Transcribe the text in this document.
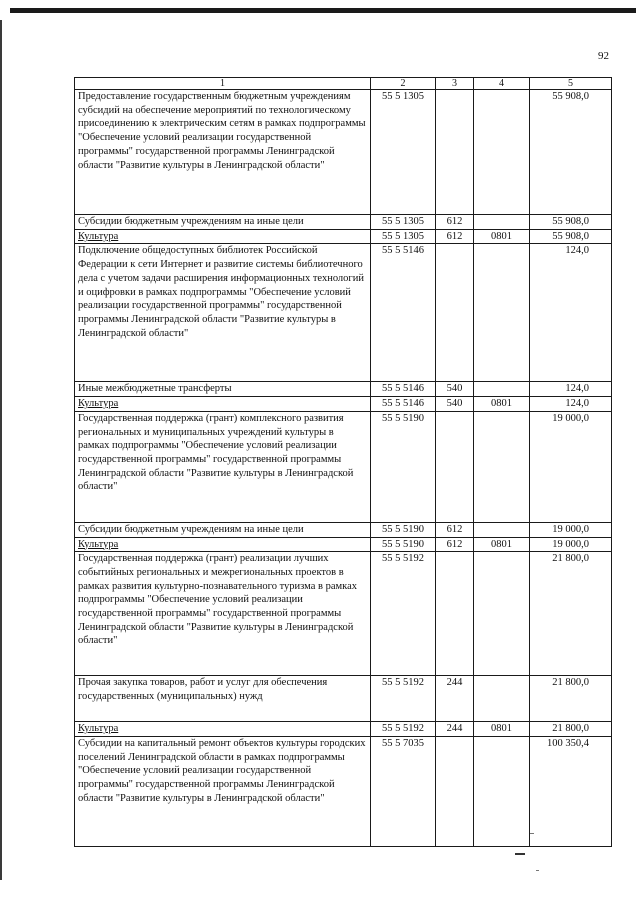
92
1	2	3	4	5
Предоставление государственным бюджетным учреждениям субсидий на обеспечение мероприятий по технологическому присоединению к электрическим сетям в рамках подпрограммы "Обеспечение условий реализации государственной программы" государственной программы Ленинградской области "Развитие культуры в Ленинградской области"	55 5 1305			55 908,0
Субсидии бюджетным учреждениям на иные цели	55 5 1305	612		55 908,0
Культура	55 5 1305	612	0801	55 908,0
Подключение общедоступных библиотек Российской Федерации к сети Интернет и развитие системы библиотечного дела с учетом задачи расширения информационных технологий и оцифровки в рамках подпрограммы "Обеспечение условий реализации государственной программы" государственной программы Ленинградской области "Развитие культуры в Ленинградской области"	55 5 5146			124,0
Иные межбюджетные трансферты	55 5 5146	540		124,0
Культура	55 5 5146	540	0801	124,0
Государственная поддержка (грант) комплексного развития региональных и муниципальных учреждений культуры в рамках подпрограммы "Обеспечение условий реализации государственной программы" государственной программы Ленинградской области "Развитие культуры в Ленинградской области"	55 5 5190			19 000,0
Субсидии бюджетным учреждениям на иные цели	55 5 5190	612		19 000,0
Культура	55 5 5190	612	0801	19 000,0
Государственная поддержка (грант) реализации лучших событийных региональных и межрегиональных проектов в рамках развития культурно-познавательного туризма в рамках подпрограммы "Обеспечение условий реализации государственной программы" государственной программы Ленинградской области "Развитие культуры в Ленинградской области"	55 5 5192			21 800,0
Прочая закупка товаров, работ и услуг для обеспечения государственных (муниципальных) нужд	55 5 5192	244		21 800,0
Культура	55 5 5192	244	0801	21 800,0
Субсидии на капитальный ремонт объектов культуры городских поселений Ленинградской области в рамках подпрограммы "Обеспечение условий реализации государственной программы" государственной программы Ленинградской области "Развитие культуры в Ленинградской области"	55 5 7035			100 350,4
